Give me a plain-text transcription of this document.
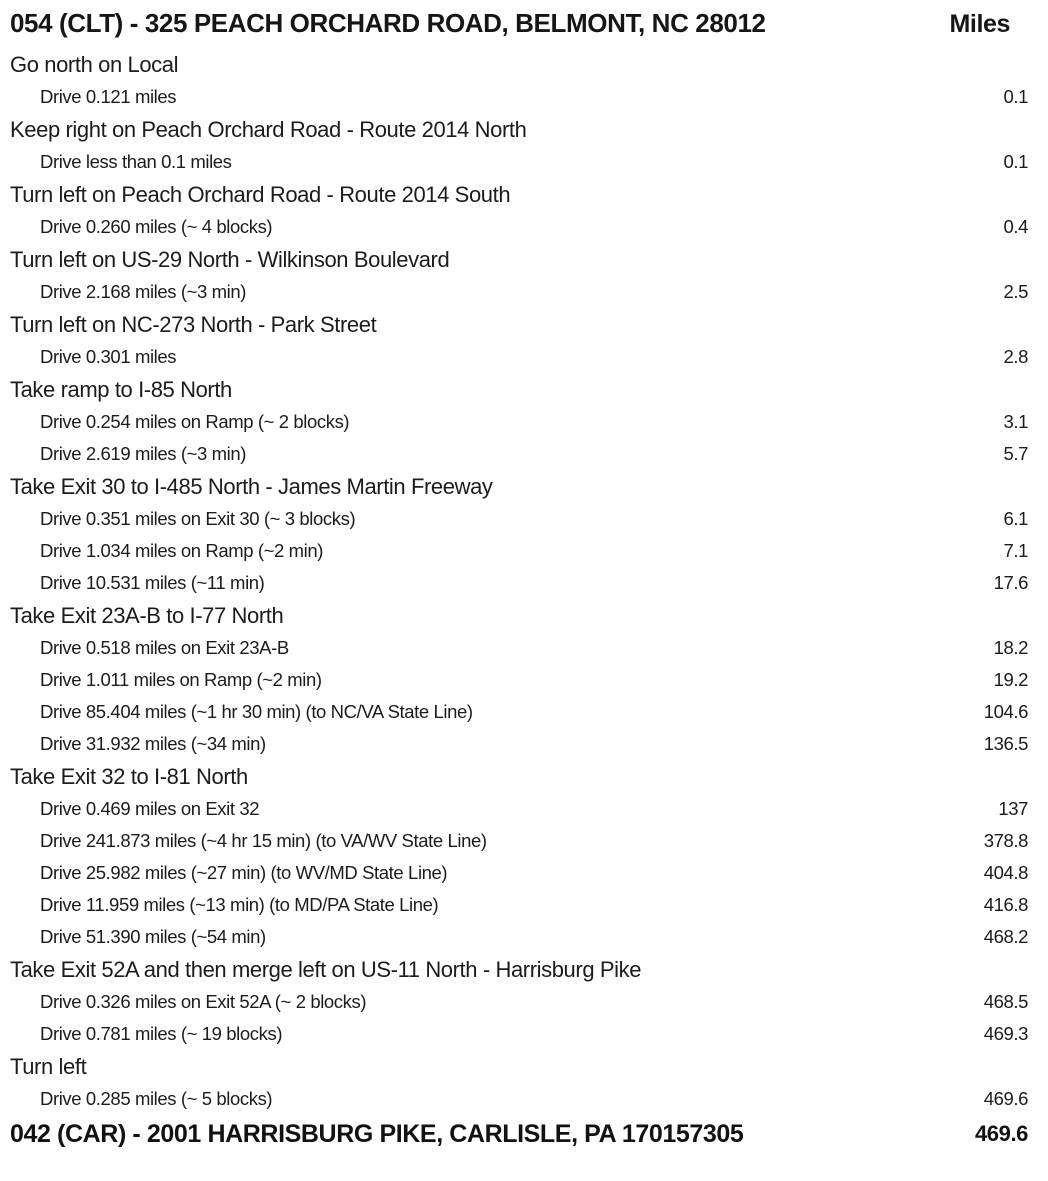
054 (CLT) - 325 PEACH ORCHARD ROAD, BELMONT, NC 28012	Miles
Go north on Local
Drive 0.121 miles	0.1
Keep right on Peach Orchard Road - Route 2014 North
Drive less than 0.1 miles	0.1
Turn left on Peach Orchard Road - Route 2014 South
Drive 0.260 miles (~ 4 blocks)	0.4
Turn left on US-29 North - Wilkinson Boulevard
Drive 2.168 miles (~3 min)	2.5
Turn left on NC-273 North - Park Street
Drive 0.301 miles	2.8
Take ramp to I-85 North
Drive 0.254 miles on Ramp (~ 2 blocks)	3.1
Drive 2.619 miles (~3 min)	5.7
Take Exit 30 to I-485 North - James Martin Freeway
Drive 0.351 miles on Exit 30 (~ 3 blocks)	6.1
Drive 1.034 miles on Ramp (~2 min)	7.1
Drive 10.531 miles (~11 min)	17.6
Take Exit 23A-B to I-77 North
Drive 0.518 miles on Exit 23A-B	18.2
Drive 1.011 miles on Ramp (~2 min)	19.2
Drive 85.404 miles (~1 hr 30 min) (to NC/VA State Line)	104.6
Drive 31.932 miles (~34 min)	136.5
Take Exit 32 to I-81 North
Drive 0.469 miles on Exit 32	137
Drive 241.873 miles (~4 hr 15 min) (to VA/WV State Line)	378.8
Drive 25.982 miles (~27 min) (to WV/MD State Line)	404.8
Drive 11.959 miles (~13 min) (to MD/PA State Line)	416.8
Drive 51.390 miles (~54 min)	468.2
Take Exit 52A and then merge left on US-11 North - Harrisburg Pike
Drive 0.326 miles on Exit 52A (~ 2 blocks)	468.5
Drive 0.781 miles (~ 19 blocks)	469.3
Turn left
Drive 0.285 miles (~ 5 blocks)	469.6
042 (CAR) - 2001 HARRISBURG PIKE, CARLISLE, PA 170157305	469.6
